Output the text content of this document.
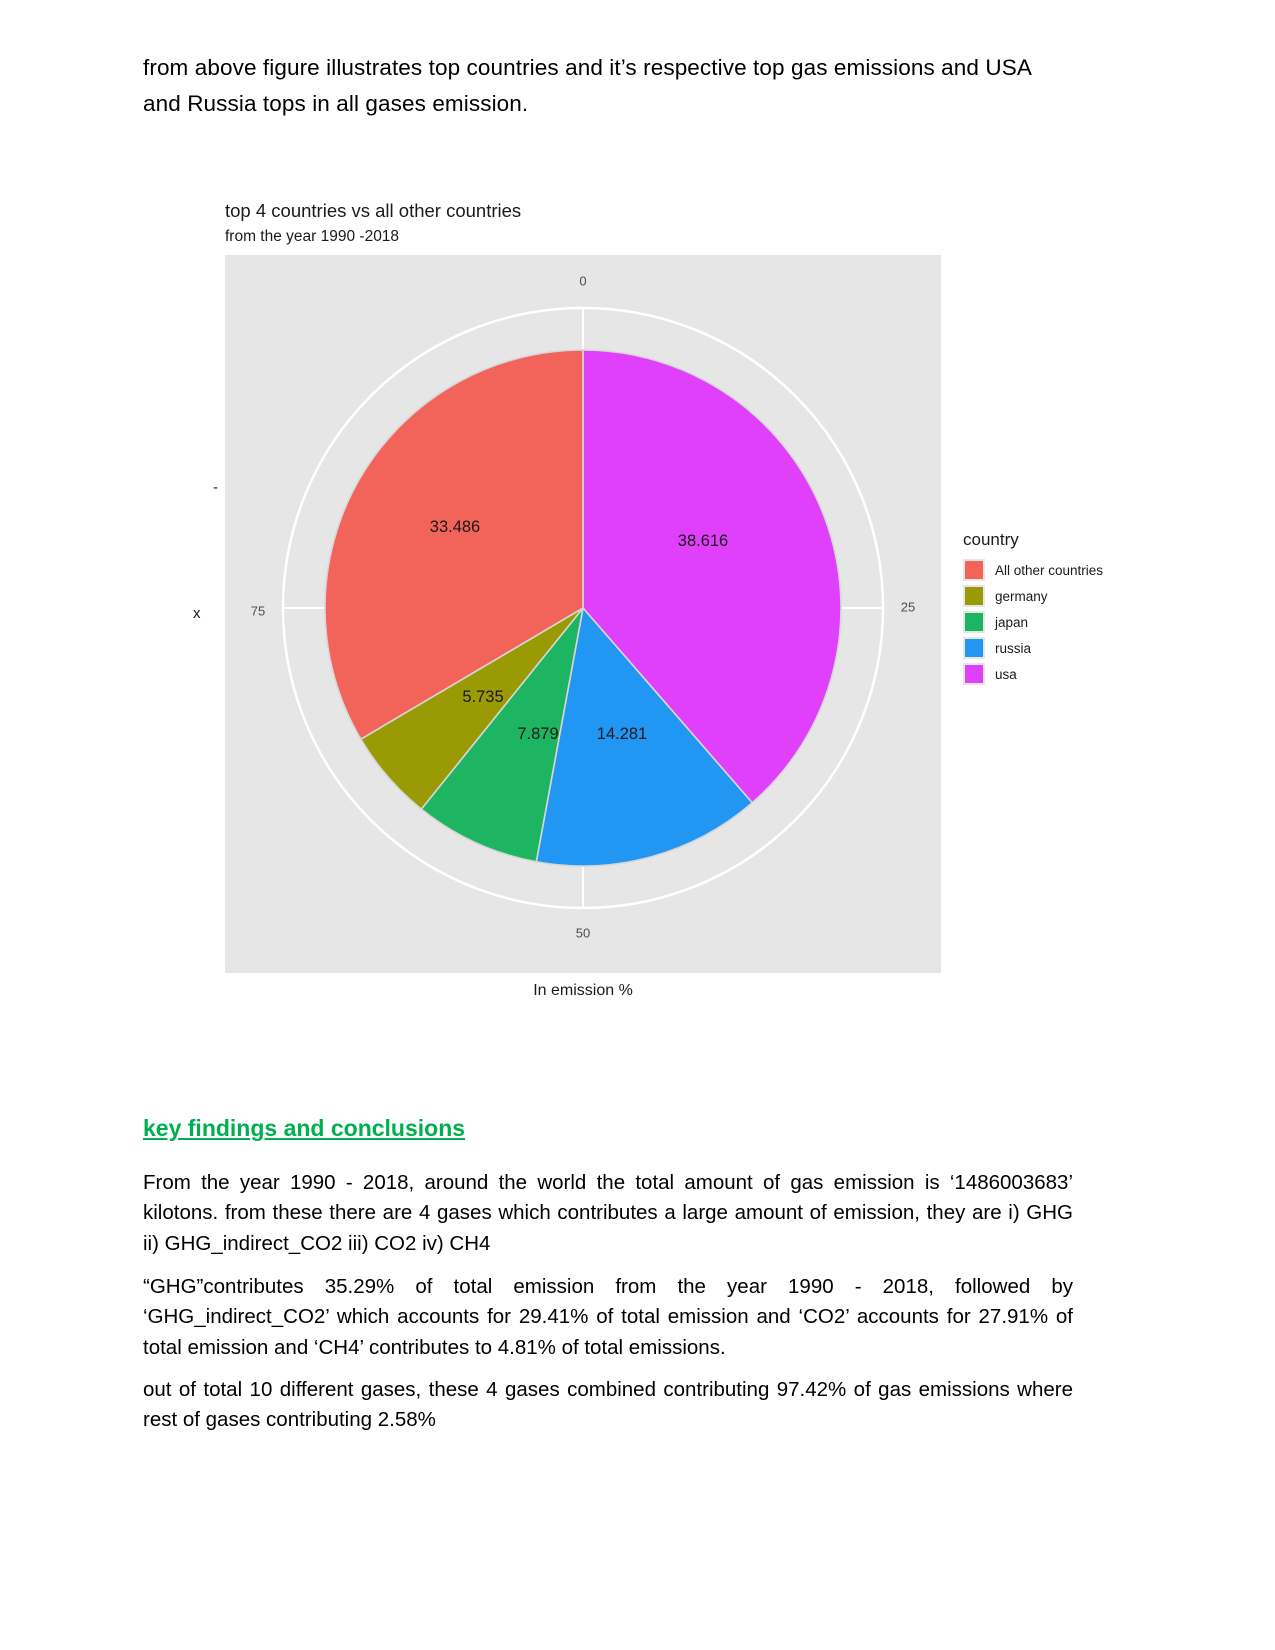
from above figure illustrates top countries and it’s respective top gas emissions and USA and Russia tops in all gases emission.
top 4 countries vs all other countries
from the year 1990 -2018
x
-
38.616
14.281
7.879
5.735
33.486
0
25
50
75
In emission %
country
All other countries
germany
japan
russia
usa
key findings and conclusions
From the year 1990 - 2018, around the world the total amount of gas emission is ‘1486003683’ kilotons. from these there are 4 gases which contributes a large amount of emission, they are i) GHG ii) GHG_indirect_CO2 iii) CO2 iv) CH4
“GHG”contributes 35.29% of total emission from the year 1990 - 2018, followed by ‘GHG_indirect_CO2’ which accounts for 29.41% of total emission and ‘CO2’ accounts for 27.91% of total emission and ‘CH4’ contributes to 4.81% of total emissions.
out of total 10 different gases, these 4 gases combined contributing 97.42% of gas emissions where rest of gases contributing 2.58%
